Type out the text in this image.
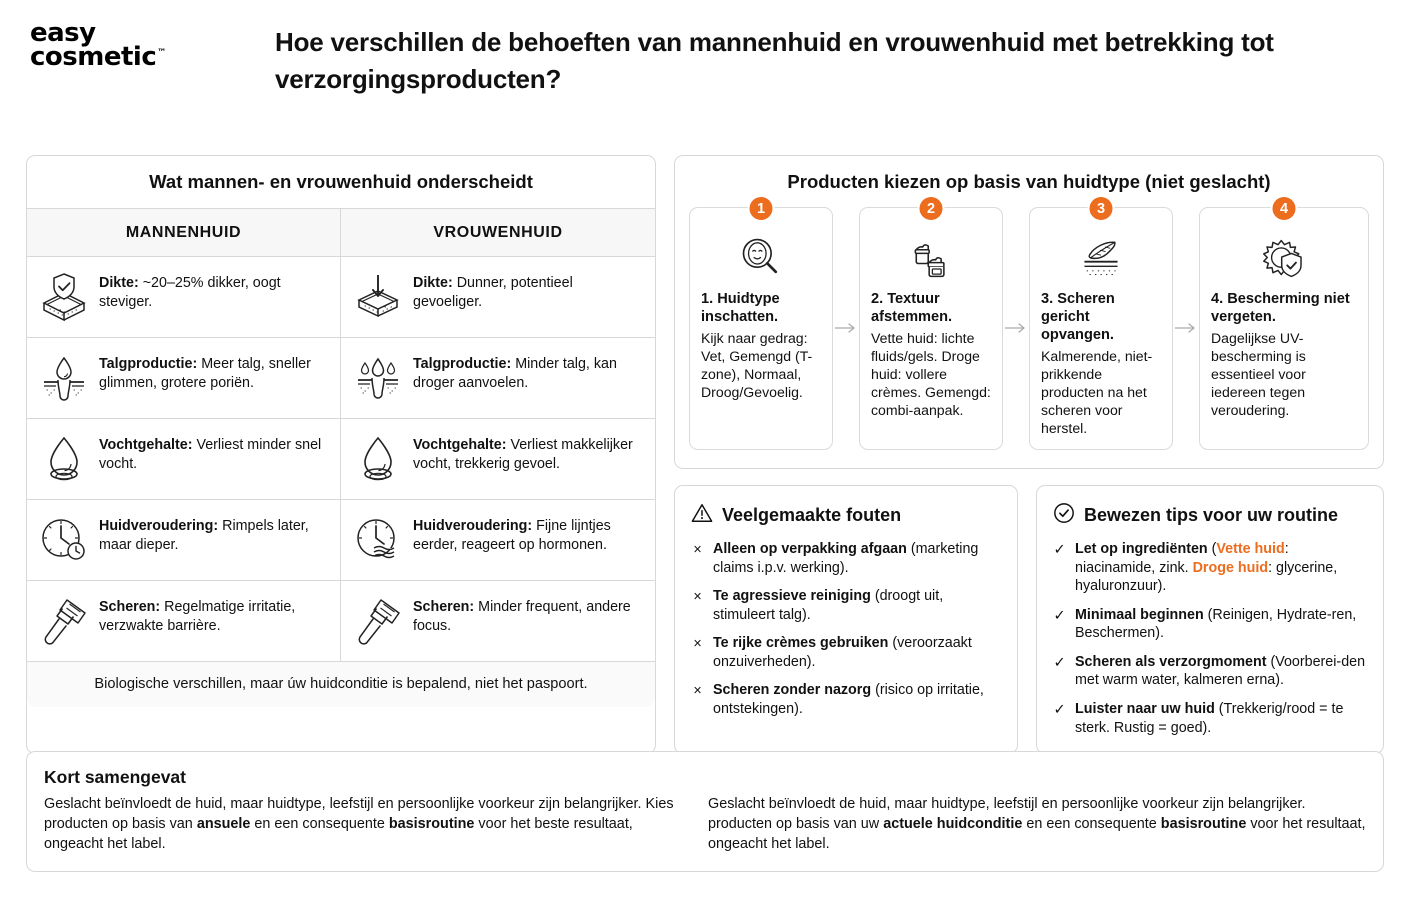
easy
cosmetic™	Hoe verschillen de behoeften van mannenhuid en vrouwenhuid met betrekking tot verzorgingsproducten?
Wat mannen- en vrouwenhuid onderscheidt
MANNENHUID	VROUWENHUID
Dikte: ~20–25% dikker, oogt steviger.
Dikte: Dunner, potentieel gevoeliger.
Talgproductie: Meer talg, sneller glimmen, grotere poriën.
Talgproductie: Minder talg, kan droger aanvoelen.
Vochtgehalte: Verliest minder snel vocht.
Vochtgehalte: Verliest makkelijker vocht, trekkerig gevoel.
Huidveroudering: Rimpels later, maar dieper.
Huidveroudering: Fijne lijntjes eerder, reageert op hormonen.
Scheren: Regelmatige irritatie, verzwakte barrière.
Scheren: Minder frequent, andere focus.
Biologische verschillen, maar úw huidconditie is bepalend, niet het paspoort.
Producten kiezen op basis van huidtype (niet geslacht)
1
1. Huidtype inschatten.
Kijk naar gedrag: Vet, Gemengd (T-zone), Normaal, Droog/Gevoelig.
2
2. Textuur afstemmen.
Vette huid: lichte fluids/gels. Droge huid: vollere crèmes. Gemengd: combi-aanpak.
3
3. Scheren gericht opvangen.
Kalmerende, niet-prikkende producten na het scheren voor herstel.
4
4. Bescherming niet vergeten.
Dagelijkse UV-bescherming is essentieel voor iedereen tegen veroudering.
Veelgemaakte fouten
× Alleen op verpakking afgaan (marketing claims i.p.v. werking).
× Te agressieve reiniging (droogt uit, stimuleert talg).
× Te rijke crèmes gebruiken (veroorzaakt onzuiverheden).
× Scheren zonder nazorg (risico op irritatie, ontstekingen).
Bewezen tips voor uw routine
✓ Let op ingrediënten (Vette huid: niacinamide, zink. Droge huid: glycerine, hyaluronzuur).
✓ Minimaal beginnen (Reinigen, Hydrate-ren, Beschermen).
✓ Scheren als verzorgmoment (Voorberei-den met warm water, kalmeren erna).
✓ Luister naar uw huid (Trekkerig/rood = te sterk. Rustig = goed).
Kort samengevat

Geslacht beïnvloedt de huid, maar huidtype, leefstijl en persoonlijke voorkeur zijn belangrijker. Kies producten op basis van ansuele en een consequente basisroutine voor het beste resultaat, ongeacht het label.

Geslacht beïnvloedt de huid, maar huidtype, leefstijl en persoonlijke voorkeur zijn belangrijker. producten op basis van uw actuele huidconditie en een consequente basisroutine voor het resultaat, ongeacht het label.
